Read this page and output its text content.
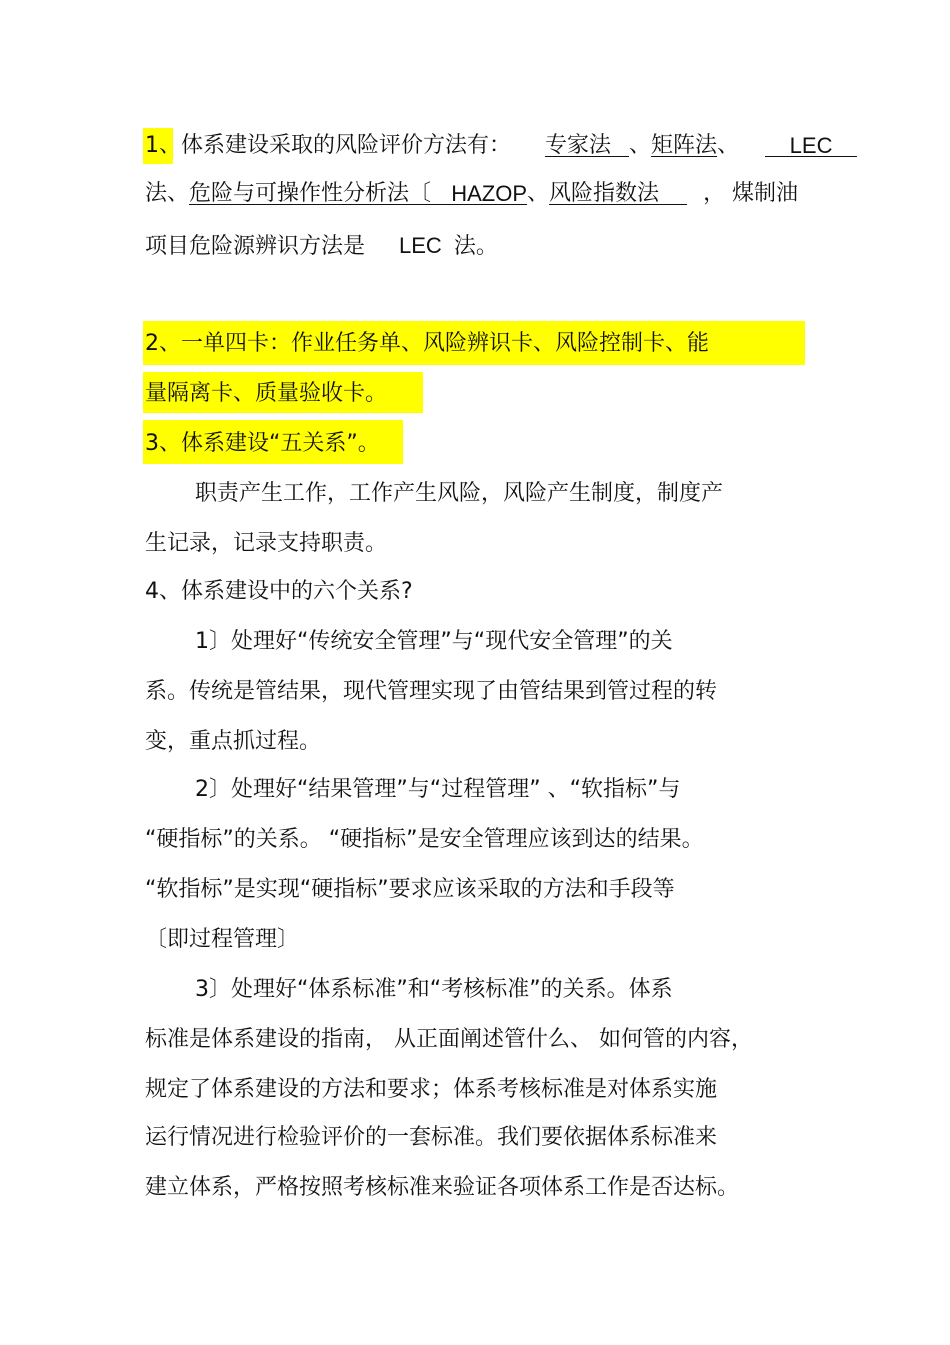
1、体系建设采取的风险评价方法有： 专家法 、矩阵法、 LEC
法、危险与可操作性分析法〔 HAZOP、风险指数法 ， 煤制油
项目危险源辨识方法是 LEC 法。
2、一单四卡：作业任务单、风险辨识卡、风险控制卡、能
量隔离卡、质量验收卡。
3、体系建设“五关系”。
职责产生工作，工作产生风险，风险产生制度，制度产
生记录，记录支持职责。
4、体系建设中的六个关系?
1〕处理好“传统安全管理”与“现代安全管理”的关
系。传统是管结果，现代管理实现了由管结果到管过程的转
变，重点抓过程。
2〕处理好“结果管理”与“过程管理” 、“软指标”与
“硬指标”的关系。 “硬指标”是安全管理应该到达的结果。
“软指标”是实现“硬指标”要求应该采取的方法和手段等
〔即过程管理〕
3〕处理好“体系标准”和“考核标准”的关系。体系
标准是体系建设的指南， 从正面阐述管什么、 如何管的内容，
规定了体系建设的方法和要求；体系考核标准是对体系实施
运行情况进行检验评价的一套标准。我们要依据体系标准来
建立体系，严格按照考核标准来验证各项体系工作是否达标。
